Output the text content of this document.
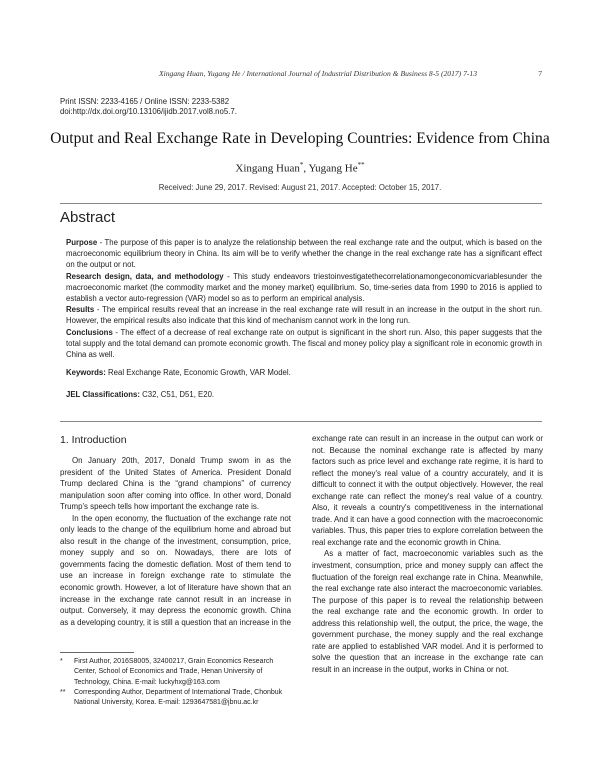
Xingang Huan, Yugang He / International Journal of Industrial Distribution & Business 8-5 (2017) 7-13	7
Print ISSN: 2233-4165 / Online ISSN: 2233-5382
doi:http://dx.doi.org/10.13106/ijidb.2017.vol8.no5.7.
Output and Real Exchange Rate in Developing Countries: Evidence from China
Xingang Huan*, Yugang He**
Received: June 29, 2017. Revised: August 21, 2017. Accepted: October 15, 2017.
Abstract
Purpose - The purpose of this paper is to analyze the relationship between the real exchange rate and the output, which is based on the macroeconomic equilibrium theory in China. Its aim will be to verify whether the change in the real exchange rate has a significant effect on the output or not.
Research design, data, and methodology - This study endeavors triestoinvestigatethecorrelationamongeconomicvariablesunder the macroeconomic market (the commodity market and the money market) equilibrium. So, time-series data from 1990 to 2016 is applied to establish a vector auto-regression (VAR) model so as to perform an empirical analysis.
Results - The empirical results reveal that an increase in the real exchange rate will result in an increase in the output in the short run. However, the empirical results also indicate that this kind of mechanism cannot work in the long run.
Conclusions - The effect of a decrease of real exchange rate on output is significant in the short run. Also, this paper suggests that the total supply and the total demand can promote economic growth. The fiscal and money policy play a significant role in economic growth in China as well.
Keywords: Real Exchange Rate, Economic Growth, VAR Model.
JEL Classifications: C32, C51, D51, E20.
1. Introduction

On January 20th, 2017, Donald Trump swom in as the president of the United States of America. President Donald Trump declared China is the “grand champions” of currency manipulation soon after coming into office. In other word, Donald Trump's speech tells how important the exchange rate is.

In the open economy, the fluctuation of the exchange rate not only leads to the change of the equilibrium home and abroad but also result in the change of the investment, consumption, price, money supply and so on. Nowadays, there are lots of governments facing the domestic deflation. Most of them tend to use an increase in foreign exchange rate to stimulate the economic growth. However, a lot of literature have shown that an increase in the exchange rate cannot result in an increase in output. Conversely, it may depress the economic growth. China as a developing country, it is still a question that an increase in the

exchange rate can result in an increase in the output can work or not. Because the nominal exchange rate is affected by many factors such as price level and exchange rate regime, it is hard to reflect the money's real value of a country accurately, and it is difficult to connect it with the output objectively. However, the real exchange rate can reflect the money's real value of a country. Also, it reveals a country's competitiveness in the international trade. And it can have a good connection with the macroeconomic variables. Thus, this paper tries to explore correlation between the real exchange rate and the economic growth in China.

As a matter of fact, macroeconomic variables such as the investment, consumption, price and money supply can affect the fluctuation of the foreign real exchange rate in China. Meanwhile, the real exchange rate also interact the macroeconomic variables. The purpose of this paper is to reveal the relationship between the real exchange rate and the economic growth. In order to address this relationship well, the output, the price, the wage, the government purchase, the money supply and the real exchange rate are applied to established VAR model. And it is performed to solve the question that an increase in the exchange rate can result in an increase in the output, works in China or not.

* First Author, 2016S8005, 32400217, Grain Economics Research Center, School of Economics and Trade, Henan University of Technology, China. E-mail: luckyhxg@163.com
** Corresponding Author, Department of International Trade, Chonbuk National University, Korea. E-mail: 1293647581@jbnu.ac.kr
